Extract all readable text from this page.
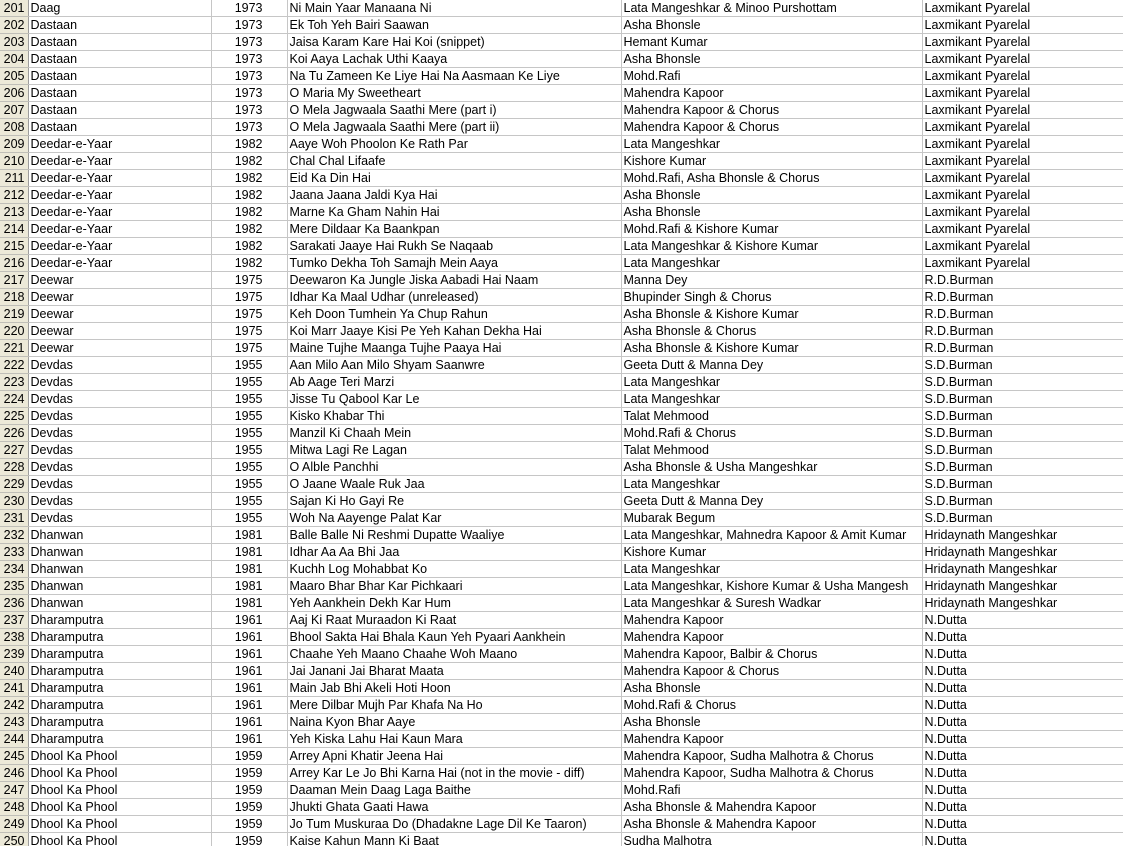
201	Daag	1973	Ni Main Yaar Manaana Ni	Lata Mangeshkar & Minoo Purshottam	Laxmikant Pyarelal
202	Dastaan	1973	Ek Toh Yeh Bairi Saawan	Asha Bhonsle	Laxmikant Pyarelal
203	Dastaan	1973	Jaisa Karam Kare Hai Koi (snippet)	Hemant Kumar	Laxmikant Pyarelal
204	Dastaan	1973	Koi Aaya Lachak Uthi Kaaya	Asha Bhonsle	Laxmikant Pyarelal
205	Dastaan	1973	Na Tu Zameen Ke Liye Hai Na Aasmaan Ke Liye	Mohd.Rafi	Laxmikant Pyarelal
206	Dastaan	1973	O Maria My Sweetheart	Mahendra Kapoor	Laxmikant Pyarelal
207	Dastaan	1973	O Mela Jagwaala Saathi Mere (part i)	Mahendra Kapoor & Chorus	Laxmikant Pyarelal
208	Dastaan	1973	O Mela Jagwaala Saathi Mere (part ii)	Mahendra Kapoor & Chorus	Laxmikant Pyarelal
209	Deedar-e-Yaar	1982	Aaye Woh Phoolon Ke Rath Par	Lata Mangeshkar	Laxmikant Pyarelal
210	Deedar-e-Yaar	1982	Chal Chal Lifaafe	Kishore Kumar	Laxmikant Pyarelal
211	Deedar-e-Yaar	1982	Eid Ka Din Hai	Mohd.Rafi, Asha Bhonsle & Chorus	Laxmikant Pyarelal
212	Deedar-e-Yaar	1982	Jaana Jaana Jaldi Kya Hai	Asha Bhonsle	Laxmikant Pyarelal
213	Deedar-e-Yaar	1982	Marne Ka Gham Nahin Hai	Asha Bhonsle	Laxmikant Pyarelal
214	Deedar-e-Yaar	1982	Mere Dildaar Ka Baankpan	Mohd.Rafi & Kishore Kumar	Laxmikant Pyarelal
215	Deedar-e-Yaar	1982	Sarakati Jaaye Hai Rukh Se Naqaab	Lata Mangeshkar & Kishore Kumar	Laxmikant Pyarelal
216	Deedar-e-Yaar	1982	Tumko Dekha Toh Samajh Mein Aaya	Lata Mangeshkar	Laxmikant Pyarelal
217	Deewar	1975	Deewaron Ka Jungle Jiska Aabadi Hai Naam	Manna Dey	R.D.Burman
218	Deewar	1975	Idhar Ka Maal Udhar (unreleased)	Bhupinder Singh & Chorus	R.D.Burman
219	Deewar	1975	Keh Doon Tumhein Ya Chup Rahun	Asha Bhonsle & Kishore Kumar	R.D.Burman
220	Deewar	1975	Koi Marr Jaaye Kisi Pe Yeh Kahan Dekha Hai	Asha Bhonsle & Chorus	R.D.Burman
221	Deewar	1975	Maine Tujhe Maanga Tujhe Paaya Hai	Asha Bhonsle & Kishore Kumar	R.D.Burman
222	Devdas	1955	Aan Milo Aan Milo Shyam Saanwre	Geeta Dutt & Manna Dey	S.D.Burman
223	Devdas	1955	Ab Aage Teri Marzi	Lata Mangeshkar	S.D.Burman
224	Devdas	1955	Jisse Tu Qabool Kar Le	Lata Mangeshkar	S.D.Burman
225	Devdas	1955	Kisko Khabar Thi	Talat Mehmood	S.D.Burman
226	Devdas	1955	Manzil Ki Chaah Mein	Mohd.Rafi & Chorus	S.D.Burman
227	Devdas	1955	Mitwa Lagi Re Lagan	Talat Mehmood	S.D.Burman
228	Devdas	1955	O Alble Panchhi	Asha Bhonsle & Usha Mangeshkar	S.D.Burman
229	Devdas	1955	O Jaane Waale Ruk Jaa	Lata Mangeshkar	S.D.Burman
230	Devdas	1955	Sajan Ki Ho Gayi Re	Geeta Dutt & Manna Dey	S.D.Burman
231	Devdas	1955	Woh Na Aayenge Palat Kar	Mubarak Begum	S.D.Burman
232	Dhanwan	1981	Balle Balle Ni Reshmi Dupatte Waaliye	Lata Mangeshkar, Mahnedra Kapoor & Amit Kumar	Hridaynath Mangeshkar
233	Dhanwan	1981	Idhar Aa Aa Bhi Jaa	Kishore Kumar	Hridaynath Mangeshkar
234	Dhanwan	1981	Kuchh Log Mohabbat Ko	Lata Mangeshkar	Hridaynath Mangeshkar
235	Dhanwan	1981	Maaro Bhar Bhar Kar Pichkaari	Lata Mangeshkar, Kishore Kumar & Usha Mangesh	Hridaynath Mangeshkar
236	Dhanwan	1981	Yeh Aankhein Dekh Kar Hum	Lata Mangeshkar & Suresh Wadkar	Hridaynath Mangeshkar
237	Dharamputra	1961	Aaj Ki Raat Muraadon Ki Raat	Mahendra Kapoor	N.Dutta
238	Dharamputra	1961	Bhool Sakta Hai Bhala Kaun Yeh Pyaari Aankhein	Mahendra Kapoor	N.Dutta
239	Dharamputra	1961	Chaahe Yeh Maano Chaahe Woh Maano	Mahendra Kapoor, Balbir & Chorus	N.Dutta
240	Dharamputra	1961	Jai Janani Jai Bharat Maata	Mahendra Kapoor & Chorus	N.Dutta
241	Dharamputra	1961	Main Jab Bhi Akeli Hoti Hoon	Asha Bhonsle	N.Dutta
242	Dharamputra	1961	Mere Dilbar Mujh Par Khafa Na Ho	Mohd.Rafi & Chorus	N.Dutta
243	Dharamputra	1961	Naina Kyon Bhar Aaye	Asha Bhonsle	N.Dutta
244	Dharamputra	1961	Yeh Kiska Lahu Hai Kaun Mara	Mahendra Kapoor	N.Dutta
245	Dhool Ka Phool	1959	Arrey Apni Khatir Jeena Hai	Mahendra Kapoor, Sudha Malhotra & Chorus	N.Dutta
246	Dhool Ka Phool	1959	Arrey Kar Le Jo Bhi Karna Hai (not in the movie - diff)	Mahendra Kapoor, Sudha Malhotra & Chorus	N.Dutta
247	Dhool Ka Phool	1959	Daaman Mein Daag Laga Baithe	Mohd.Rafi	N.Dutta
248	Dhool Ka Phool	1959	Jhukti Ghata Gaati Hawa	Asha Bhonsle & Mahendra Kapoor	N.Dutta
249	Dhool Ka Phool	1959	Jo Tum Muskuraa Do (Dhadakne Lage Dil Ke Taaron)	Asha Bhonsle & Mahendra Kapoor	N.Dutta
250	Dhool Ka Phool	1959	Kaise Kahun Mann Ki Baat	Sudha Malhotra	N.Dutta
